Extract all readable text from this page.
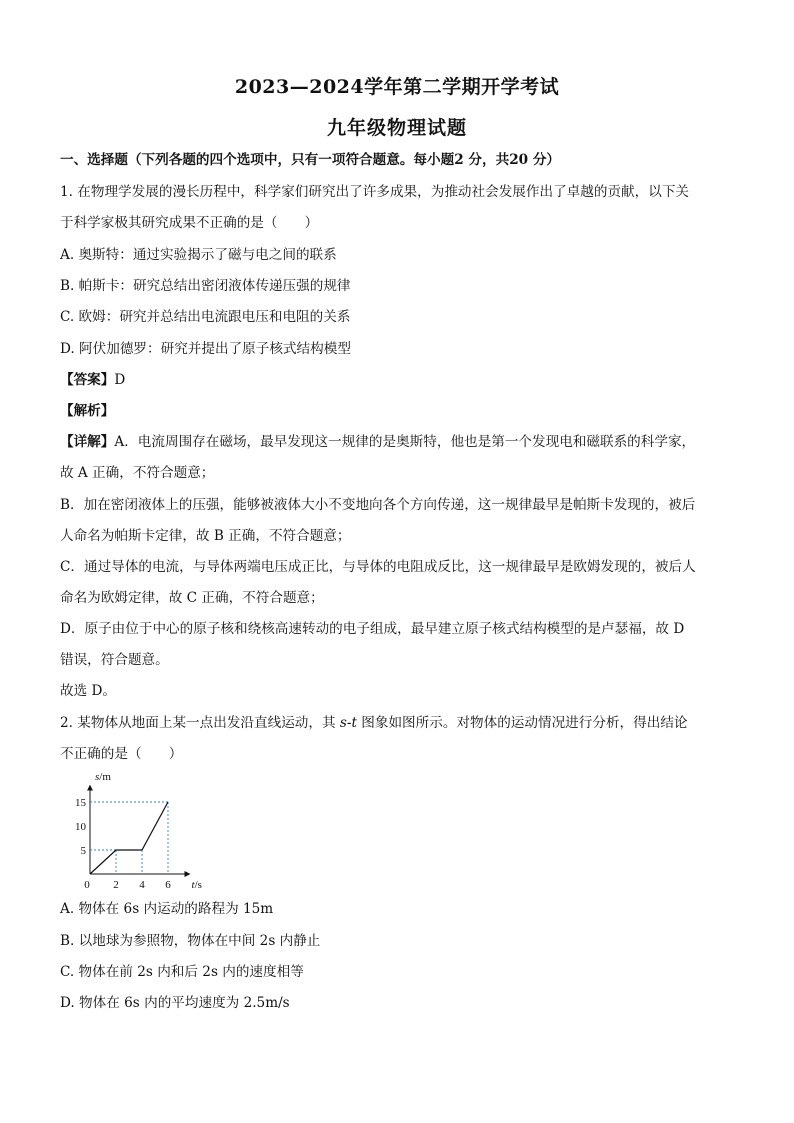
2023—2024学年第二学期开学考试
九年级物理试题
一、选择题（下列各题的四个选项中，只有一项符合题意。每小题2 分，共20 分）
1. 在物理学发展的漫长历程中，科学家们研究出了许多成果，为推动社会发展作出了卓越的贡献，以下关
于科学家极其研究成果不正确的是（　　）
A. 奥斯特：通过实验揭示了磁与电之间的联系
B. 帕斯卡：研究总结出密闭液体传递压强的规律
C. 欧姆：研究并总结出电流跟电压和电阻的关系
D. 阿伏加德罗：研究并提出了原子核式结构模型
【答案】D
【解析】
【详解】A．电流周围存在磁场，最早发现这一规律的是奥斯特，他也是第一个发现电和磁联系的科学家，
故 A 正确，不符合题意；
B．加在密闭液体上的压强，能够被液体大小不变地向各个方向传递，这一规律最早是帕斯卡发现的，被后
人命名为帕斯卡定律，故 B 正确，不符合题意；
C．通过导体的电流，与导体两端电压成正比，与导体的电阻成反比，这一规律最早是欧姆发现的，被后人
命名为欧姆定律，故 C 正确，不符合题意；
D．原子由位于中心的原子核和绕核高速转动的电子组成，最早建立原子核式结构模型的是卢瑟福，故 D
错误，符合题意。
故选 D。
2. 某物体从地面上某一点出发沿直线运动，其 s-t 图象如图所示。对物体的运动情况进行分析，得出结论
不正确的是（　　）
0 2 4 6
5
10
15
s/m
t/s
A. 物体在 6s 内运动的路程为 15m
B. 以地球为参照物，物体在中间 2s 内静止
C. 物体在前 2s 内和后 2s 内的速度相等
D. 物体在 6s 内的平均速度为 2.5m/s
